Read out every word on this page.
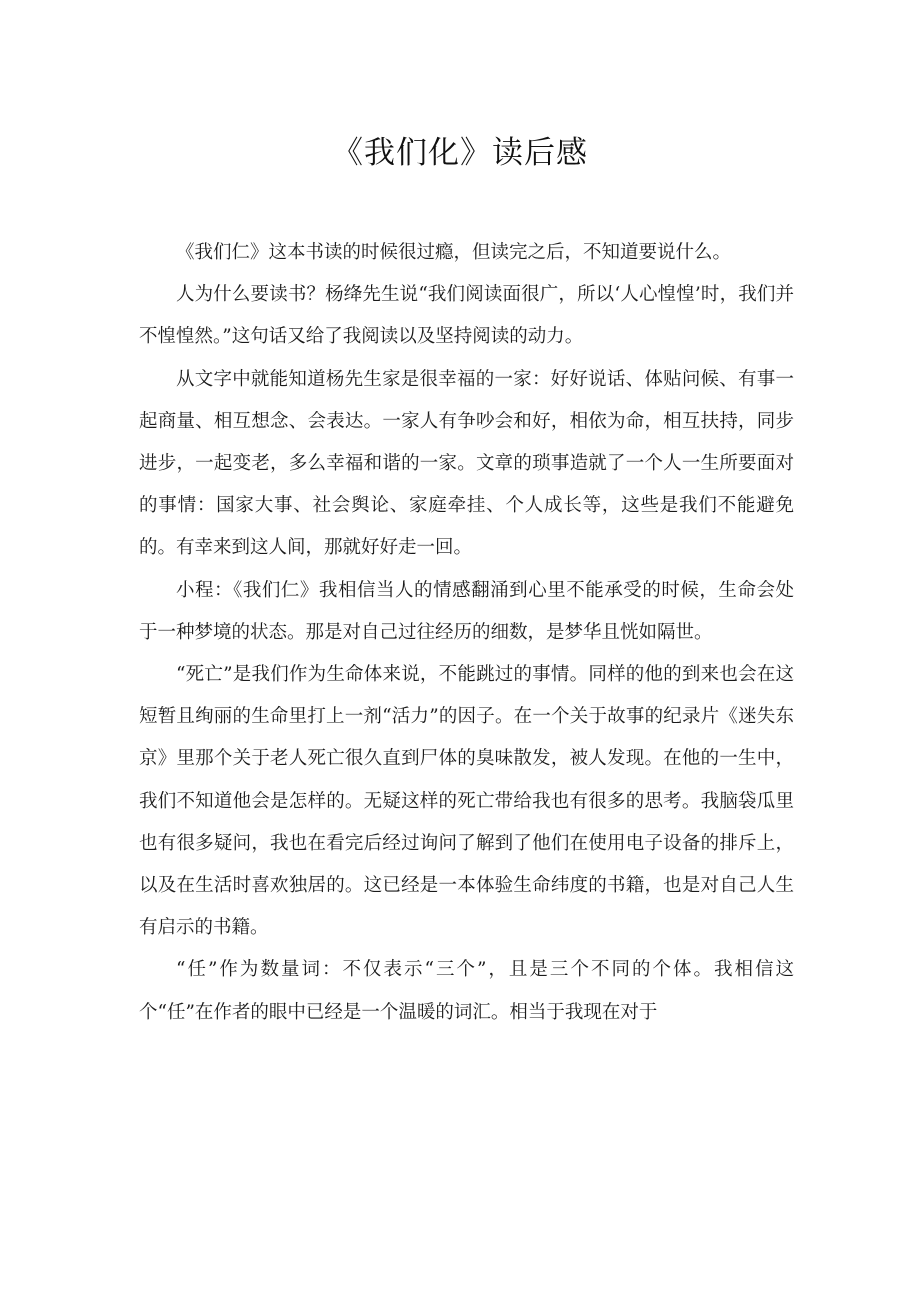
《我们化》读后感

《我们仁》这本书读的时候很过瘾，但读完之后，不知道要说什么。

人为什么要读书？杨绛先生说“我们阅读面很广，所以‘人心惶惶’时，我们并不惶惶然。”这句话又给了我阅读以及坚持阅读的动力。

从文字中就能知道杨先生家是很幸福的一家：好好说话、体贴问候、有事一起商量、相互想念、会表达。一家人有争吵会和好，相依为命，相互扶持，同步进步，一起变老，多么幸福和谐的一家。文章的琐事造就了一个人一生所要面对的事情：国家大事、社会舆论、家庭牵挂、个人成长等，这些是我们不能避免的。有幸来到这人间，那就好好走一回。

小程：《我们仁》我相信当人的情感翻涌到心里不能承受的时候，生命会处于一种梦境的状态。那是对自己过往经历的细数，是梦华且恍如隔世。

“死亡”是我们作为生命体来说，不能跳过的事情。同样的他的到来也会在这短暂且绚丽的生命里打上一剂“活力”的因子。在一个关于故事的纪录片《迷失东京》里那个关于老人死亡很久直到尸体的臭味散发，被人发现。在他的一生中，我们不知道他会是怎样的。无疑这样的死亡带给我也有很多的思考。我脑袋瓜里也有很多疑问，我也在看完后经过询问了解到了他们在使用电子设备的排斥上，以及在生活时喜欢独居的。这已经是一本体验生命纬度的书籍，也是对自己人生有启示的书籍。

“任”作为数量词：不仅表示“三个”，且是三个不同的个体。我相信这个“任”在作者的眼中已经是一个温暖的词汇。相当于我现在对于
